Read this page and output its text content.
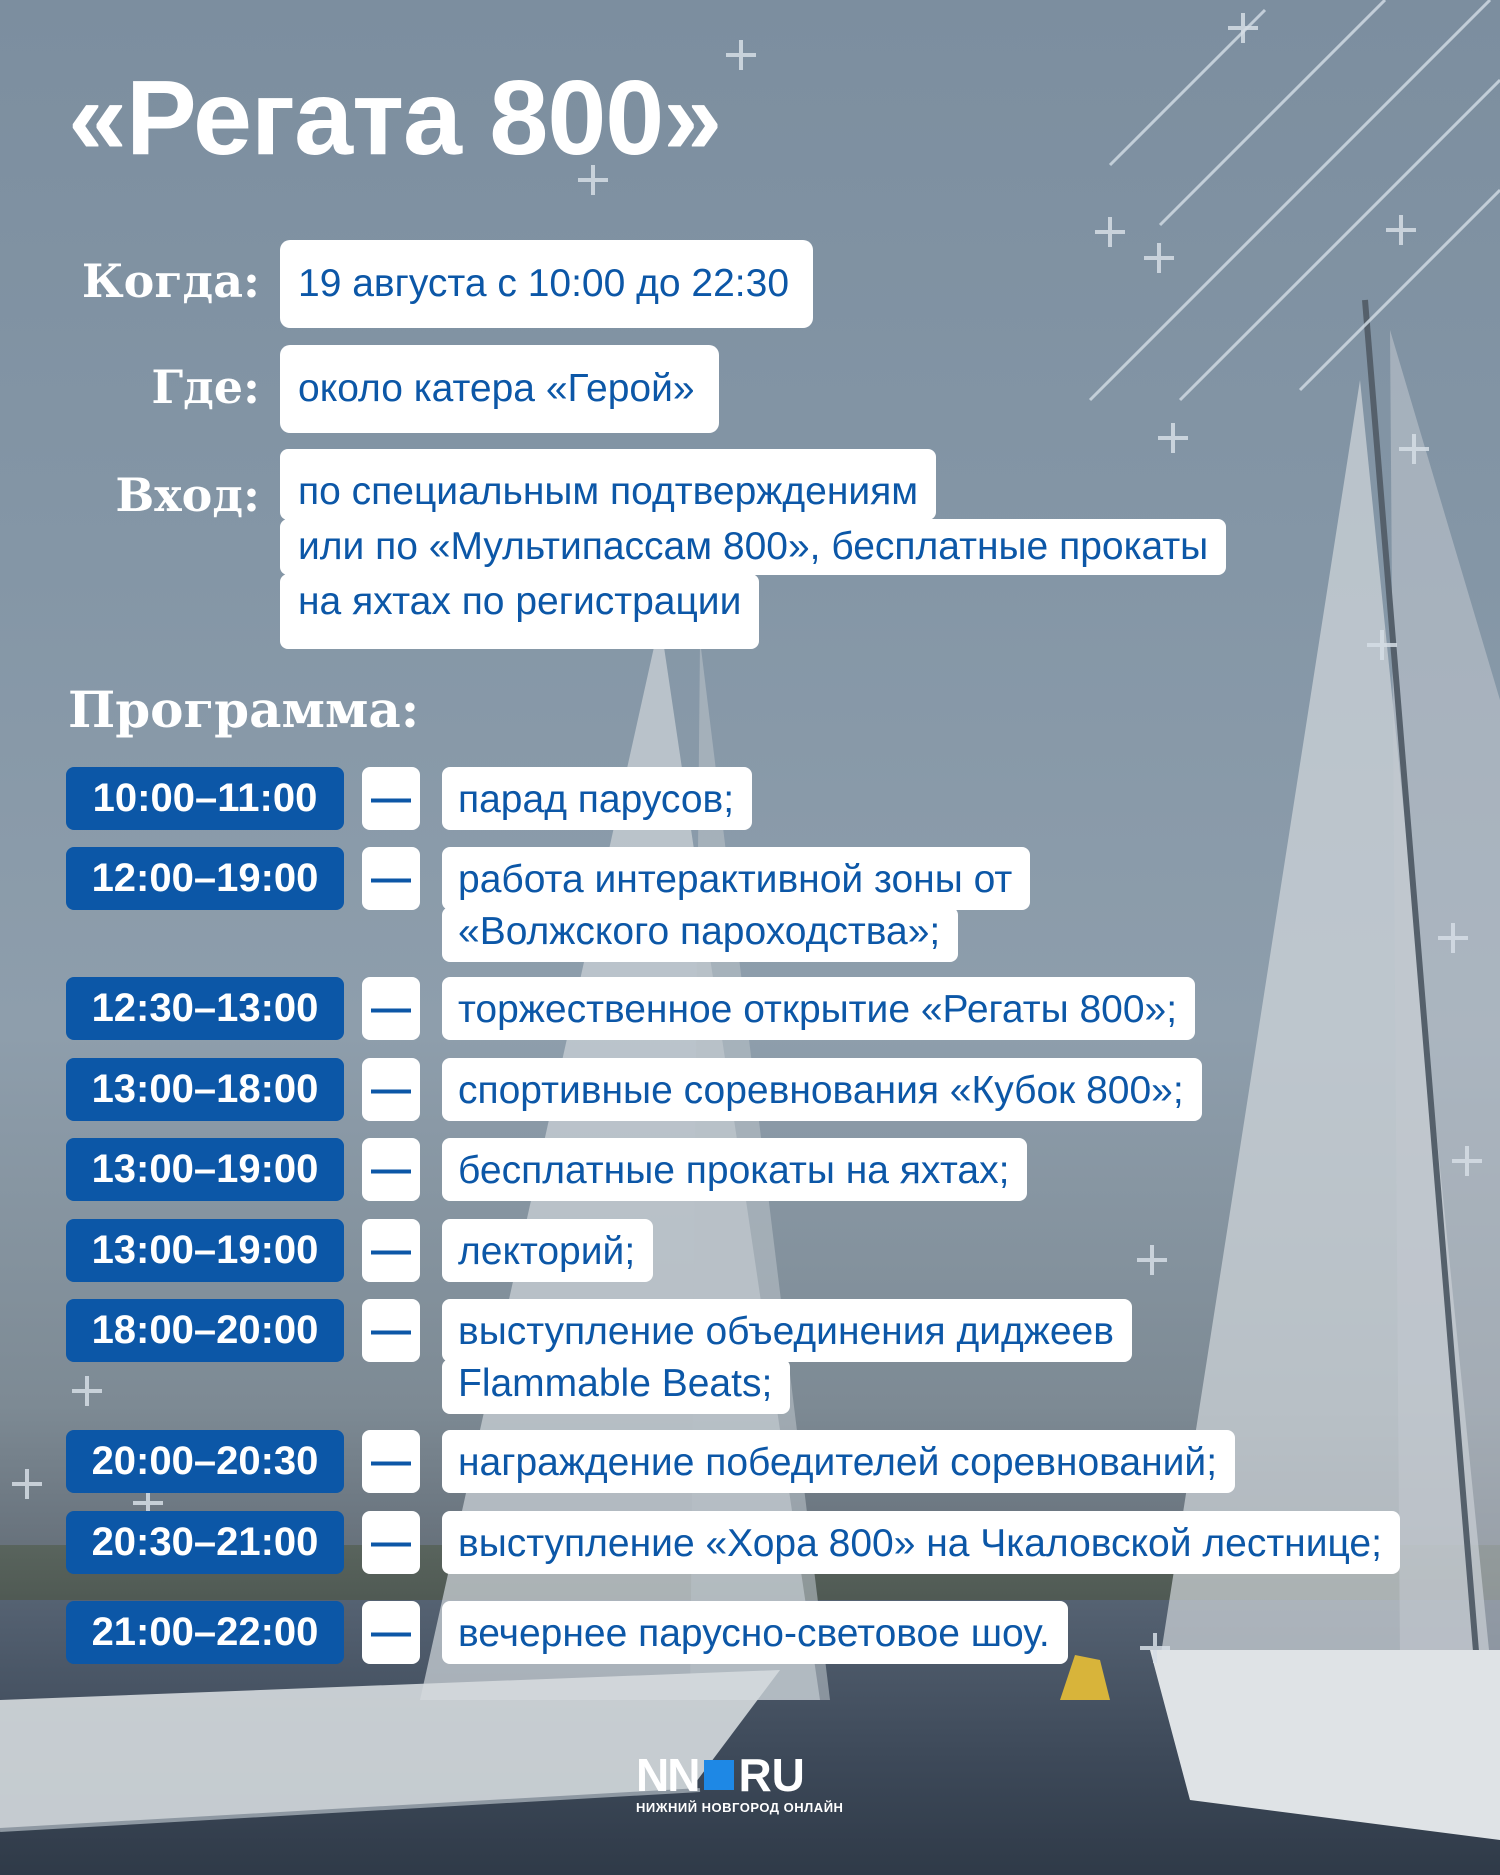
«Регата 800»
Когда: 19 августа с 10:00 до 22:30
Где: около катера «Герой»
Вход: по специальным подтверждениям
или по «Мультипассам 800», бесплатные прокаты
на яхтах по регистрации
Программа:
10:00–11:00	—	парад парусов;
12:00–19:00	—	работа интерактивной зоны от
«Волжского пароходства»;
12:30–13:00	—	торжественное открытие «Регаты 800»;
13:00–18:00	—	спортивные соревнования «Кубок 800»;
13:00–19:00	—	бесплатные прокаты на яхтах;
13:00–19:00	—	лекторий;
18:00–20:00	—	выступление объединения диджеев
Flammable Beats;
20:00–20:30	—	награждение победителей соревнований;
20:30–21:00	—	выступление «Хора 800» на Чкаловской лестнице;
21:00–22:00	—	вечернее парусно-световое шоу.
NN RU
НИЖНИЙ НОВГОРОД ОНЛАЙН
